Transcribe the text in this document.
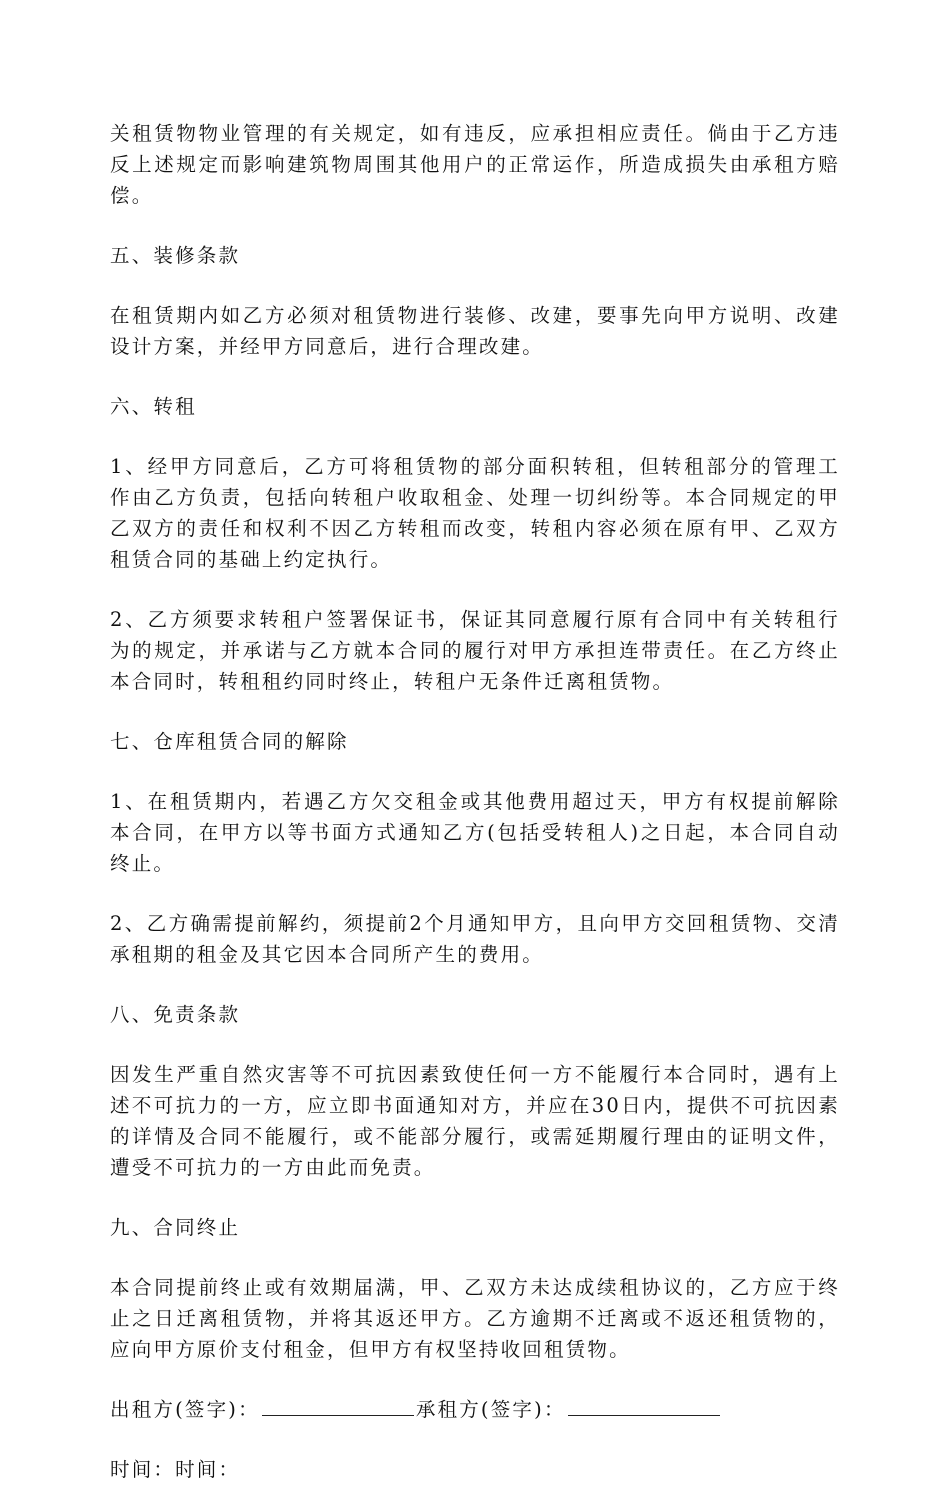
关租赁物物业管理的有关规定，如有违反，应承担相应责任。倘由于乙方违反上述规定而影响建筑物周围其他用户的正常运作，所造成损失由承租方赔偿。

五、装修条款

在租赁期内如乙方必须对租赁物进行装修、改建，要事先向甲方说明、改建设计方案，并经甲方同意后，进行合理改建。

六、转租

1、经甲方同意后，乙方可将租赁物的部分面积转租，但转租部分的管理工作由乙方负责，包括向转租户收取租金、处理一切纠纷等。本合同规定的甲乙双方的责任和权利不因乙方转租而改变，转租内容必须在原有甲、乙双方租赁合同的基础上约定执行。

2、乙方须要求转租户签署保证书，保证其同意履行原有合同中有关转租行为的规定，并承诺与乙方就本合同的履行对甲方承担连带责任。在乙方终止本合同时，转租租约同时终止，转租户无条件迁离租赁物。

七、仓库租赁合同的解除

1、在租赁期内，若遇乙方欠交租金或其他费用超过天，甲方有权提前解除本合同，在甲方以等书面方式通知乙方(包括受转租人)之日起，本合同自动终止。

2、乙方确需提前解约，须提前2个月通知甲方，且向甲方交回租赁物、交清承租期的租金及其它因本合同所产生的费用。

八、免责条款

因发生严重自然灾害等不可抗因素致使任何一方不能履行本合同时，遇有上述不可抗力的一方，应立即书面通知对方，并应在30日内，提供不可抗因素的详情及合同不能履行，或不能部分履行，或需延期履行理由的证明文件，遭受不可抗力的一方由此而免责。

九、合同终止

本合同提前终止或有效期届满，甲、乙双方未达成续租协议的，乙方应于终止之日迁离租赁物，并将其返还甲方。乙方逾期不迁离或不返还租赁物的，应向甲方原价支付租金，但甲方有权坚持收回租赁物。

出租方(签字)：	承租方(签字)：
时间：时间：
